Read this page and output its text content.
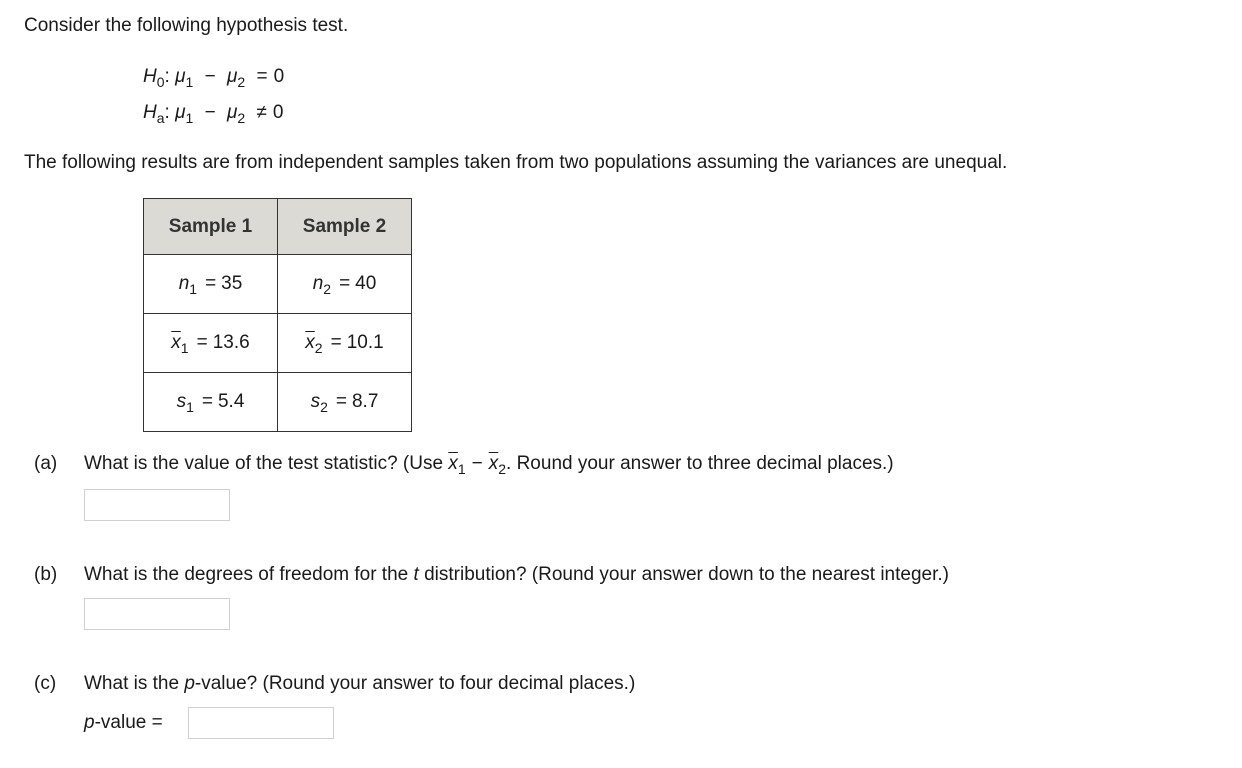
Consider the following hypothesis test.
$H_0$: $\mu_1 - \mu_2 = 0$
$H_a$: $\mu_1 - \mu_2 \ne 0$
The following results are from independent samples taken from two populations assuming the variances are unequal.
Sample 1	Sample 2
$n_1 = 35$	$n_2 = 40$
$\overline{x}_1 = 13.6$	$\overline{x}_2 = 10.1$
$s_1 = 5.4$	$s_2 = 8.7$
(a) What is the value of the test statistic? (Use $\overline{x}_1 - \overline{x}_2$. Round your answer to three decimal places.)
(b) What is the degrees of freedom for the t distribution? (Round your answer down to the nearest integer.)
(c) What is the p-value? (Round your answer to four decimal places.)
p-value =
